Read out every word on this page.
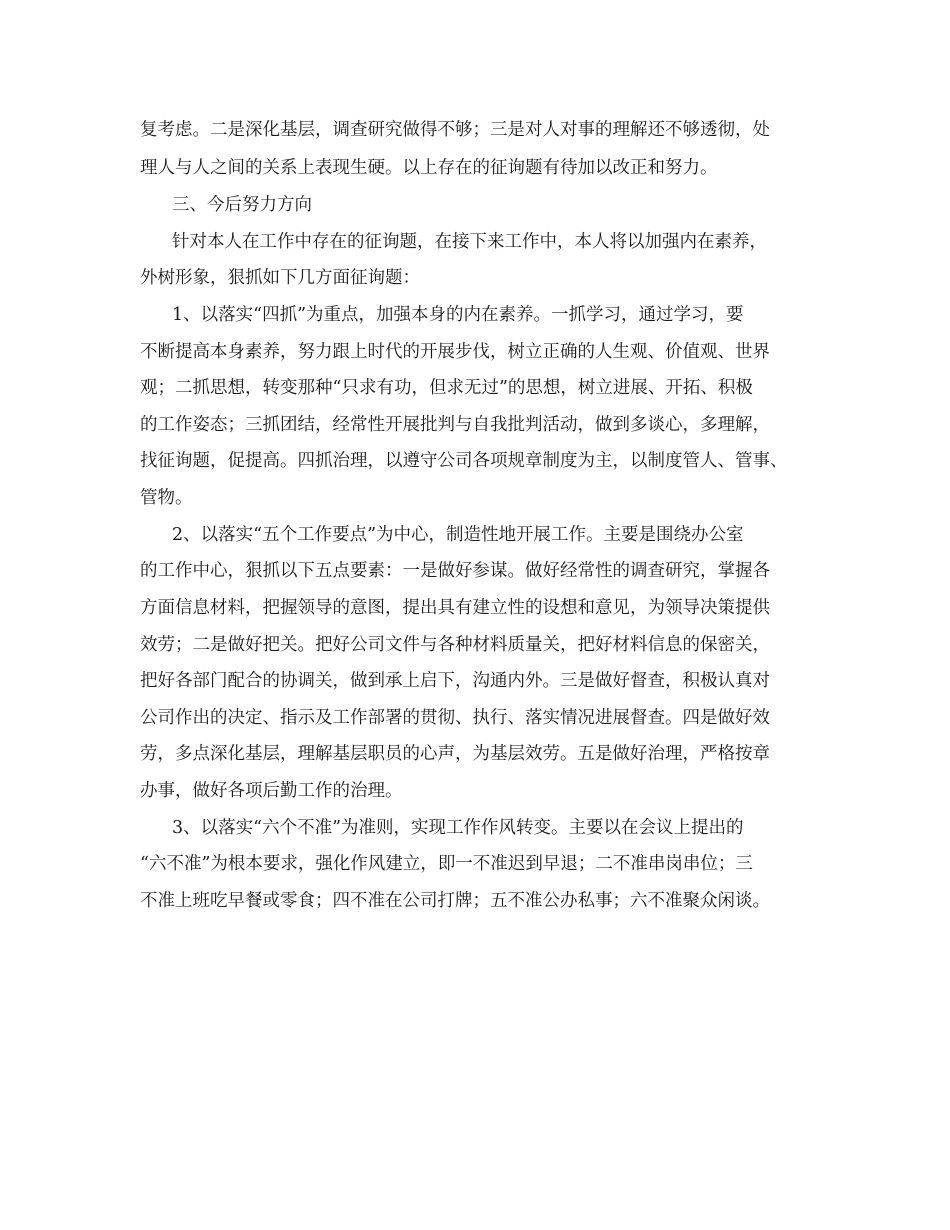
复考虑。二是深化基层，调查研究做得不够；三是对人对事的理解还不够透彻，处

理人与人之间的关系上表现生硬。以上存在的征询题有待加以改正和努力。

三、今后努力方向

针对本人在工作中存在的征询题，在接下来工作中，本人将以加强内在素养，

外树形象，狠抓如下几方面征询题：

1、以落实“四抓”为重点，加强本身的内在素养。一抓学习，通过学习，要

不断提高本身素养，努力跟上时代的开展步伐，树立正确的人生观、价值观、世界

观；二抓思想，转变那种“只求有功，但求无过”的思想，树立进展、开拓、积极

的工作姿态；三抓团结，经常性开展批判与自我批判活动，做到多谈心，多理解，

找征询题，促提高。四抓治理，以遵守公司各项规章制度为主，以制度管人、管事、

管物。

2、以落实“五个工作要点”为中心，制造性地开展工作。主要是围绕办公室

的工作中心，狠抓以下五点要素：一是做好参谋。做好经常性的调查研究，掌握各

方面信息材料，把握领导的意图，提出具有建立性的设想和意见，为领导决策提供

效劳；二是做好把关。把好公司文件与各种材料质量关，把好材料信息的保密关，

把好各部门配合的协调关，做到承上启下，沟通内外。三是做好督查，积极认真对

公司作出的决定、指示及工作部署的贯彻、执行、落实情况进展督查。四是做好效

劳，多点深化基层，理解基层职员的心声，为基层效劳。五是做好治理，严格按章

办事，做好各项后勤工作的治理。

3、以落实“六个不准”为准则，实现工作作风转变。主要以在会议上提出的

“六不准”为根本要求，强化作风建立，即一不准迟到早退；二不准串岗串位；三

不准上班吃早餐或零食；四不准在公司打牌；五不准公办私事；六不准聚众闲谈。
